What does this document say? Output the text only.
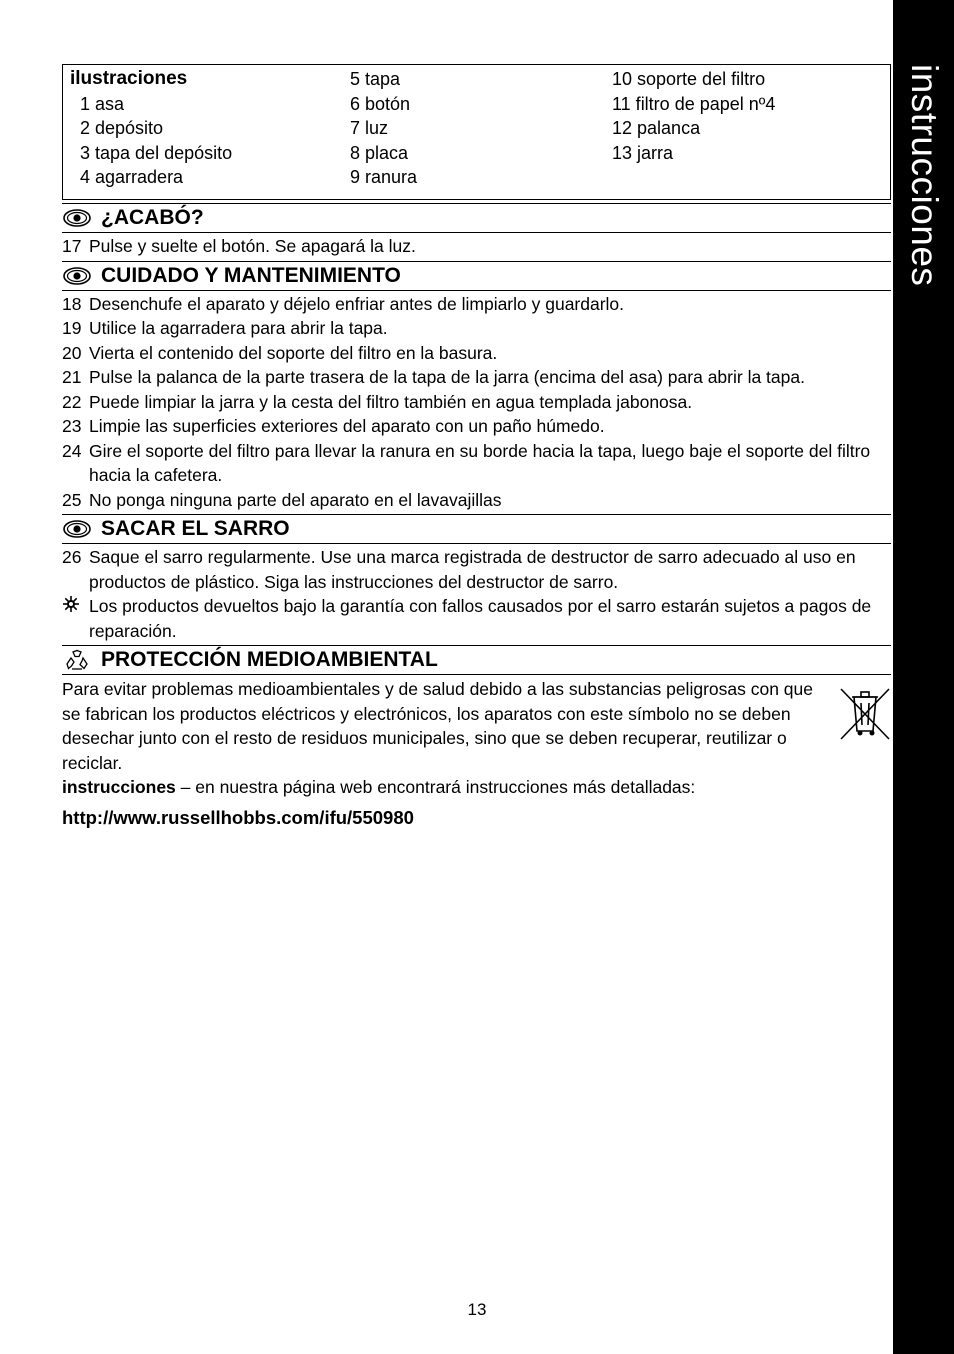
instrucciones
ilustraciones
1 asa
2 depósito
3 tapa del depósito
4 agarradera
5 tapa
6 botón
7 luz
8 placa
9 ranura
10 soporte del filtro
11 filtro de papel nº4
12 palanca
13 jarra
¿ACABÓ?
17 Pulse y suelte el botón. Se apagará la luz.
CUIDADO Y MANTENIMIENTO
18 Desenchufe el aparato y déjelo enfriar antes de limpiarlo y guardarlo.
19 Utilice la agarradera para abrir la tapa.
20 Vierta el contenido del soporte del filtro en la basura.
21 Pulse la palanca de la parte trasera de la tapa de la jarra (encima del asa) para abrir la tapa.
22 Puede limpiar la jarra y la cesta del filtro también en agua templada jabonosa.
23 Limpie las superficies exteriores del aparato con un paño húmedo.
24 Gire el soporte del filtro para llevar la ranura en su borde hacia la tapa, luego baje el soporte del filtro hacia la cafetera.
25 No ponga ninguna parte del aparato en el lavavajillas
SACAR EL SARRO
26 Saque el sarro regularmente. Use una marca registrada de destructor de sarro adecuado al uso en productos de plástico. Siga las instrucciones del destructor de sarro.
Los productos devueltos bajo la garantía con fallos causados por el sarro estarán sujetos a pagos de reparación.
PROTECCIÓN MEDIOAMBIENTAL
Para evitar problemas medioambientales y de salud debido a las substancias peligrosas con que se fabrican los productos eléctricos y electrónicos, los aparatos con este símbolo no se deben desechar junto con el resto de residuos municipales, sino que se deben recuperar, reutilizar o reciclar.
instrucciones – en nuestra página web encontrará instrucciones más detalladas:
http://www.russellhobbs.com/ifu/550980
13
